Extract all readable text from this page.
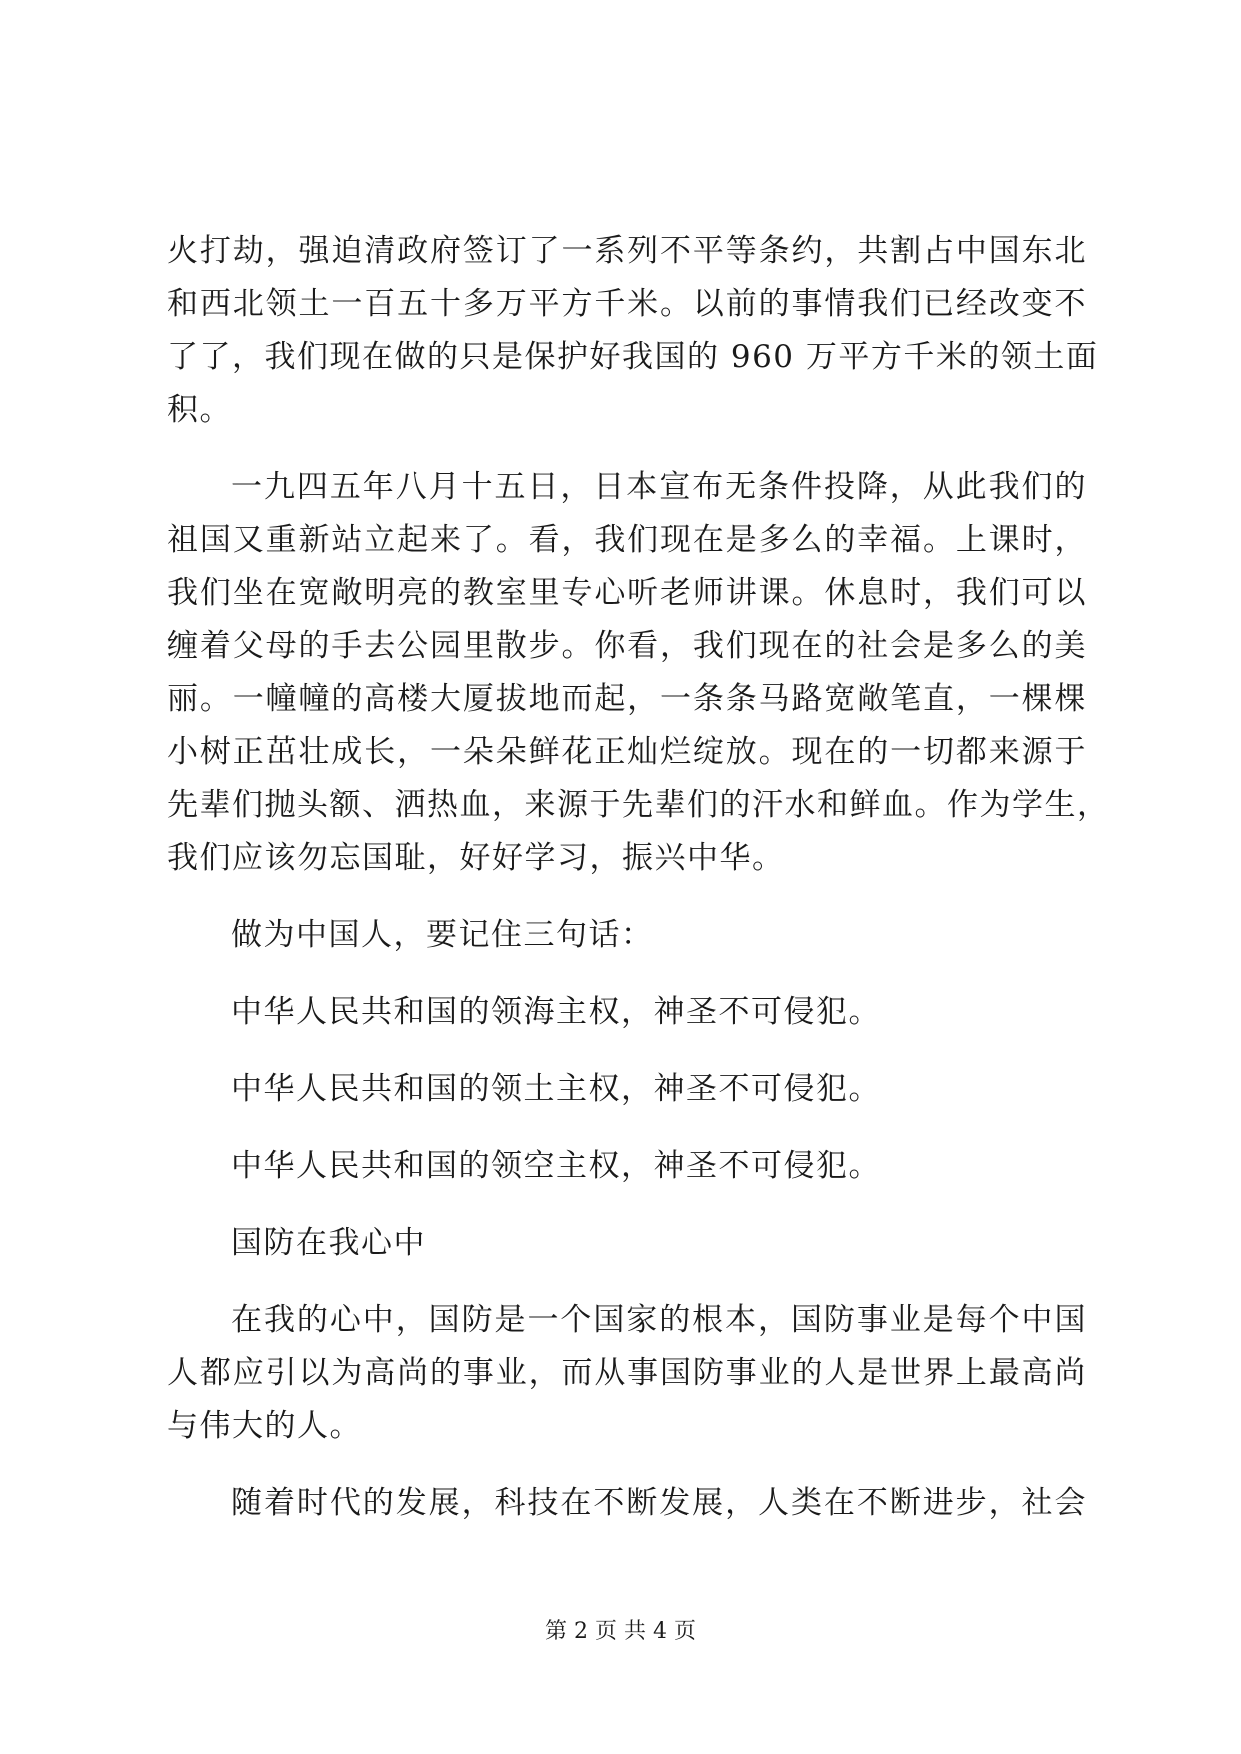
火打劫，强迫清政府签订了一系列不平等条约，共割占中国东北
和西北领土一百五十多万平方千米。以前的事情我们已经改变不
了了，我们现在做的只是保护好我国的 960 万平方千米的领土面
积。
一九四五年八月十五日，日本宣布无条件投降，从此我们的
祖国又重新站立起来了。看，我们现在是多么的幸福。上课时，
我们坐在宽敞明亮的教室里专心听老师讲课。休息时，我们可以
缠着父母的手去公园里散步。你看，我们现在的社会是多么的美
丽。一幢幢的高楼大厦拔地而起，一条条马路宽敞笔直，一棵棵
小树正茁壮成长，一朵朵鲜花正灿烂绽放。现在的一切都来源于
先辈们抛头额、洒热血，来源于先辈们的汗水和鲜血。作为学生，
我们应该勿忘国耻，好好学习，振兴中华。
做为中国人，要记住三句话：
中华人民共和国的领海主权，神圣不可侵犯。
中华人民共和国的领土主权，神圣不可侵犯。
中华人民共和国的领空主权，神圣不可侵犯。
国防在我心中
在我的心中，国防是一个国家的根本，国防事业是每个中国
人都应引以为高尚的事业，而从事国防事业的人是世界上最高尚
与伟大的人。
随着时代的发展，科技在不断发展，人类在不断进步，社会
第 2 页 共 4 页
